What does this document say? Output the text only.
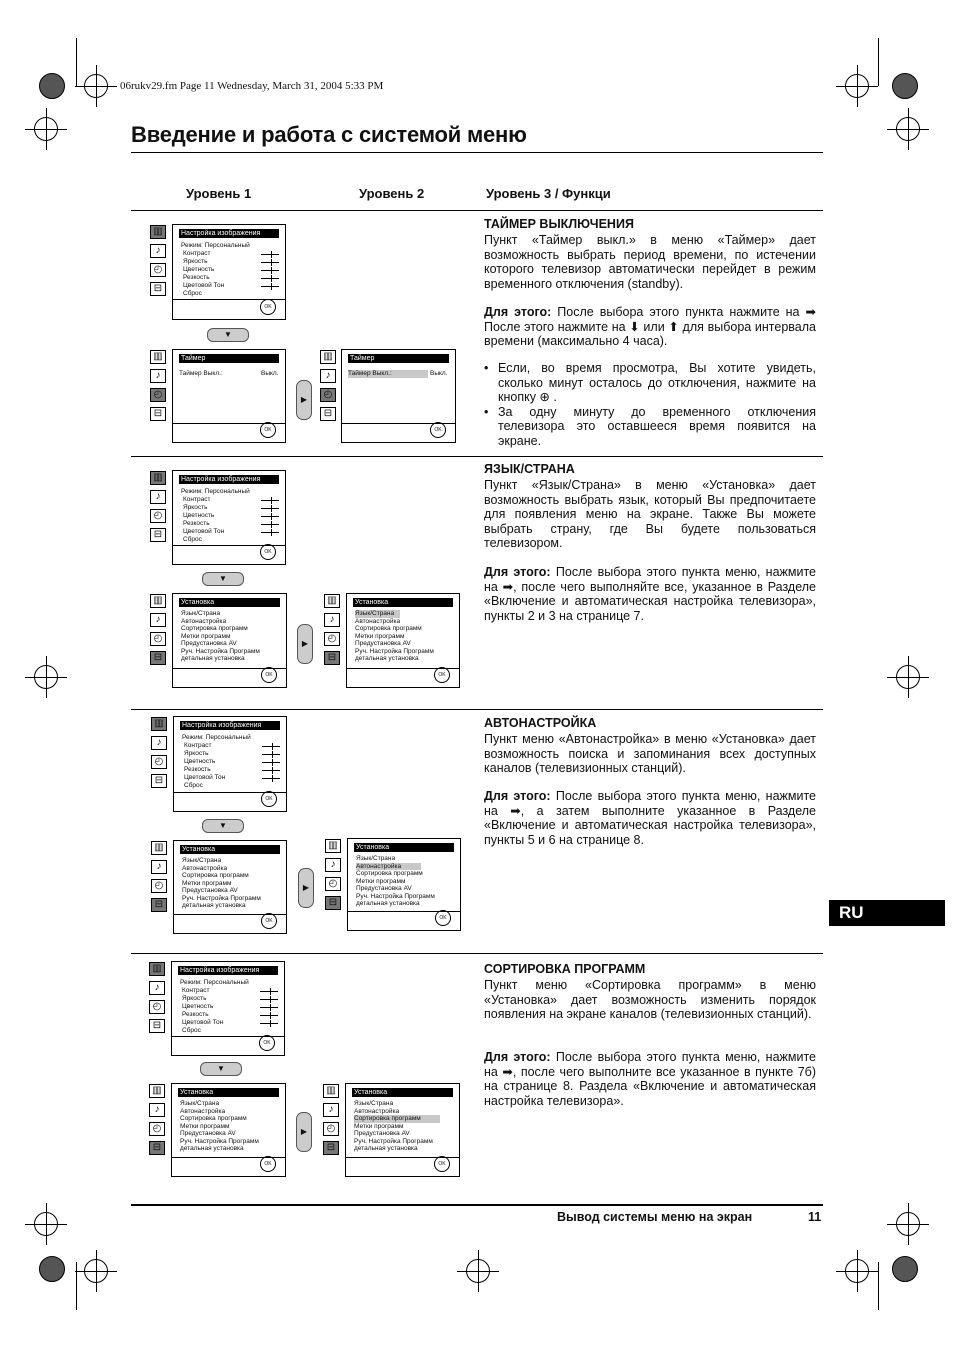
06rukv29.fm Page 11 Wednesday, March 31, 2004 5:33 PM
Введение и работа с системой меню
Уровень 1	Уровень 2	Уровень 3 / Функци
▥
♪
◴
⊟
Настройка изображения
Режим: Персональный
Контраст
Яркость
Цветность
Резкость
Цветовой Тон
Сброс
OK
▼
▥
♪
◴
⊟
Таймер
Таймер Выкл.:	Выкл.
OK
▶
▥
♪
◴
⊟
Таймер
Таймер Выкл.:	Выкл.
OK
▥
♪
◴
⊟
Настройка изображения
Режим: Персональный
Контраст
Яркость
Цветность
Резкость
Цветовой Тон
Сброс
OK
▼
▥
♪
◴
⊟
Установка
Язык/Страна
Автонастройка
Сортировка программ
Метки программ
Предустановка AV
Руч. Настройка Программ
детальная установка
OK
▶
▥
♪
◴
⊟
Установка
Язык/Страна
Автонастройка
Сортировка программ
Метки программ
Предустановка AV
Руч. Настройка Программ
детальная установка
OK
▥
♪
◴
⊟
Настройка изображения
Режим: Персональный
Контраст
Яркость
Цветность
Резкость
Цветовой Тон
Сброс
OK
▼
▥
♪
◴
⊟
Установка
Язык/Страна
Автонастройка
Сортировка программ
Метки программ
Предустановка AV
Руч. Настройка Программ
детальная установка
OK
▶
▥
♪
◴
⊟
Установка
Язык/Страна
Автонастройка
Сортировка программ
Метки программ
Предустановка AV
Руч. Настройка Программ
детальная установка
OK
▥
♪
◴
⊟
Настройка изображения
Режим: Персональный
Контраст
Яркость
Цветность
Резкость
Цветовой Тон
Сброс
OK
▼
▥
♪
◴
⊟
Установка
Язык/Страна
Автонастройка
Сортировка программ
Метки программ
Предустановка AV
Руч. Настройка Программ
детальная установка
OK
▶
▥
♪
◴
⊟
Установка
Язык/Страна
Автонастройка
Сортировка программ
Метки программ
Предустановка AV
Руч. Настройка Программ
детальная установка
OK
ТАЙМЕР ВЫКЛЮЧЕНИЯ

Пункт «Таймер выкл.» в меню «Таймер» дает возможность выбрать период времени, по истечении которого телевизор автоматически перейдет в режим временного отключения (standby).

Для этого: После выбора этого пункта нажмите на ➡ После этого нажмите на ⬇ или ⬆ для выбора интервала времени (максимально 4 часа).

• Если, во время просмотра, Вы хотите увидеть, сколько минут осталось до отключения, нажмите на кнопку ⊕ .
• За одну минуту до временного отключения телевизора это оставшееся время появится на экране.
ЯЗЫК/СТРАНА

Пункт «Язык/Страна» в меню «Установка» дает возможность выбрать язык, который Вы предпочитаете для появления меню на экране. Также Вы можете выбрать страну, где Вы будете пользоваться телевизором.

Для этого: После выбора этого пункта меню, нажмите на ➡, после чего выполняйте все, указанное в Разделе «Включение и автоматическая настройка телевизора», пункты 2 и 3 на странице 7.

АВТОНАСТРОЙКА

Пункт меню «Автонастройка» в меню «Установка» дает возможность поиска и запоминания всех доступных каналов (телевизионных станций).

Для этого: После выбора этого пункта меню, нажмите на ➡, а затем выполните указанное в Разделе «Включение и автоматическая настройка телевизора», пункты 5 и 6 на странице 8.

СОРТИРОВКА ПРОГРАММ

Пункт меню «Сортировка программ» в меню «Установка» дает возможность изменить порядок появления на экране каналов (телевизионных станций).

Для этого: После выбора этого пункта меню, нажмите на ➡, после чего выполните все указанное в пункте 7б) на странице 8. Раздела «Включение и автоматическая настройка телевизора».

RU
Вывод системы меню на экран	11
